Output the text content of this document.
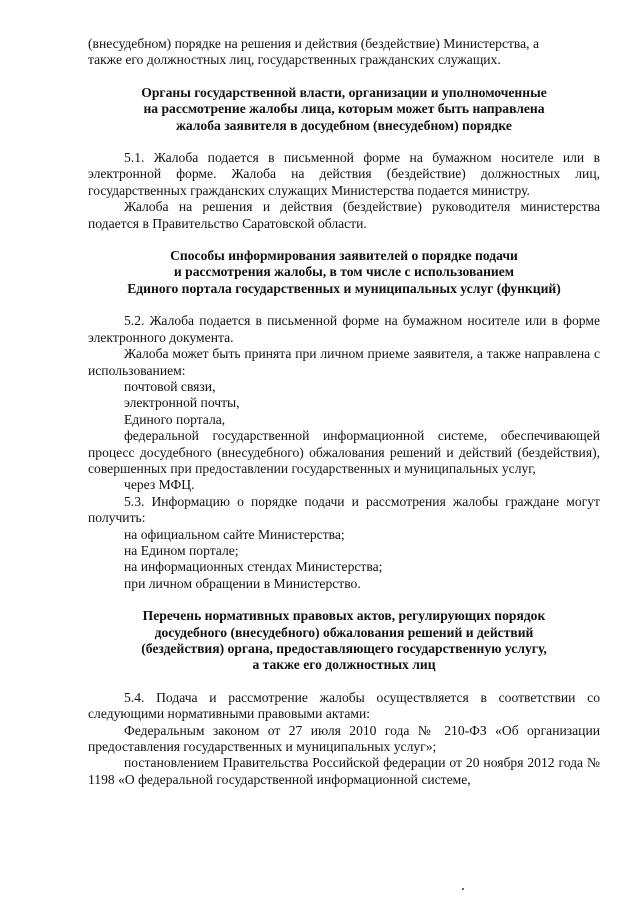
(внесудебном) порядке на решения и действия (бездействие) Министерства, а

также его должностных лиц, государственных гражданских служащих.

Органы государственной власти, организации и уполномоченные

на рассмотрение жалобы лица, которым может быть направлена

жалоба заявителя в досудебном (внесудебном) порядке

5.1. Жалоба подается в письменной форме на бумажном носителе или в электронной форме. Жалоба на действия (бездействие) должностных лиц, государственных гражданских служащих Министерства подается министру.

Жалоба на решения и действия (бездействие) руководителя министерства подается в Правительство Саратовской области.

Способы информирования заявителей о порядке подачи

и рассмотрения жалобы, в том числе с использованием

Единого портала государственных и муниципальных услуг (функций)

5.2. Жалоба подается в письменной форме на бумажном носителе или в форме электронного документа.

Жалоба может быть принята при личном приеме заявителя, а также направлена с использованием:

почтовой связи,

электронной почты,

Единого портала,

федеральной государственной информационной системе, обеспечивающей процесс досудебного (внесудебного) обжалования решений и действий (бездействия), совершенных при предоставлении государственных и муниципальных услуг,

через МФЦ.

5.3. Информацию о порядке подачи и рассмотрения жалобы граждане могут получить:

на официальном сайте Министерства;

на Едином портале;

на информационных стендах Министерства;

при личном обращении в Министерство.

Перечень нормативных правовых актов, регулирующих порядок

досудебного (внесудебного) обжалования решений и действий

(бездействия) органа, предоставляющего государственную услугу,

а также его должностных лиц

5.4. Подача и рассмотрение жалобы осуществляется в соответствии со следующими нормативными правовыми актами:

Федеральным законом от 27 июля 2010 года № 210-ФЗ «Об организации предоставления государственных и муниципальных услуг»;

постановлением Правительства Российской федерации от 20 ноября 2012 года № 1198 «О федеральной государственной информационной системе,
